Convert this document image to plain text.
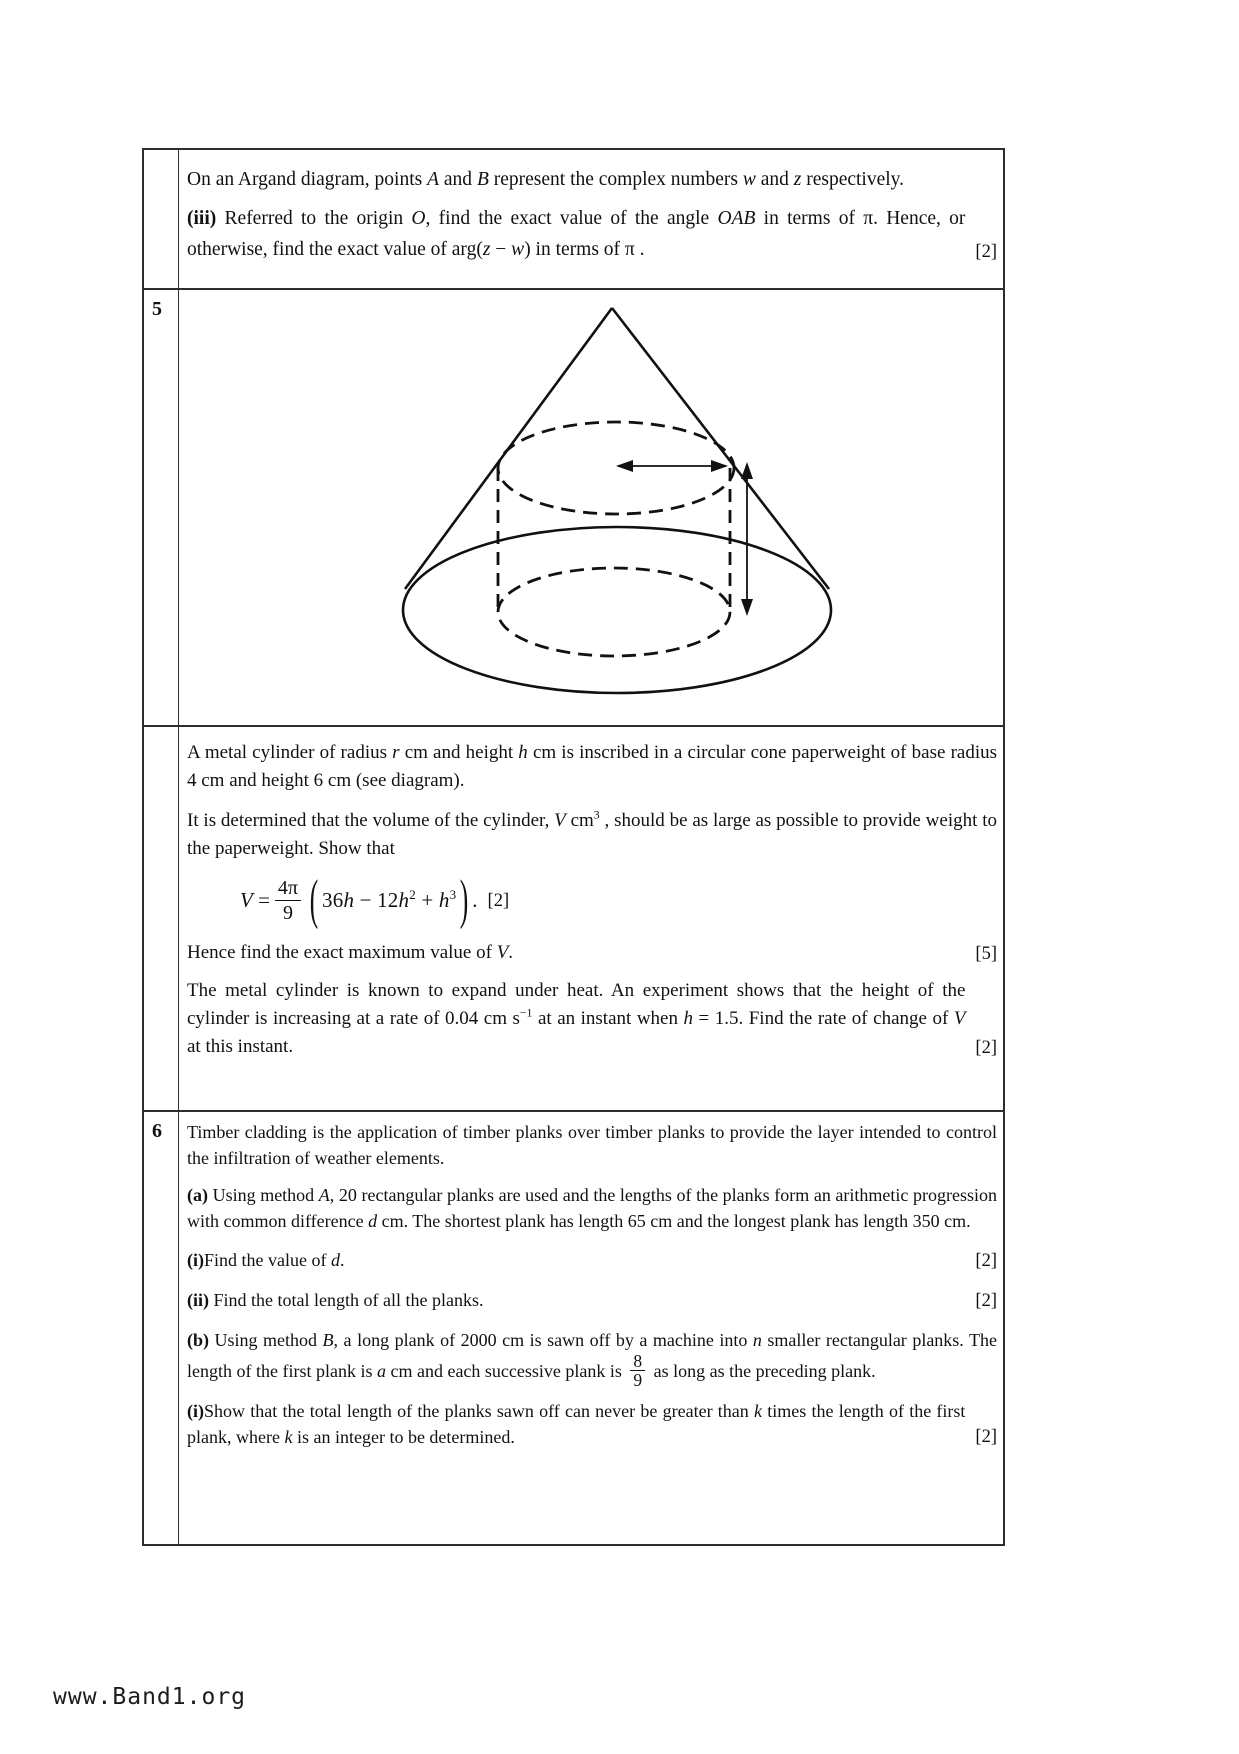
On an Argand diagram, points A and B represent the complex numbers w and z respectively.

(iii) Referred to the origin O, find the exact value of the angle OAB in terms of π. Hence, or otherwise, find the exact value of arg(z − w) in terms of π .	[2]
5

A metal cylinder of radius r cm and height h cm is inscribed in a circular cone paperweight of base radius 4 cm and height 6 cm (see diagram).

It is determined that the volume of the cylinder, V $cm^3$ , should be as large as possible to provide weight to the paperweight. Show that

$V = \frac{4\pi}{9}$ ( $36h - 12h^2 + h^3$ ) . [2]

Hence find the exact maximum value of V.	[5]

The metal cylinder is known to expand under heat. An experiment shows that the height of the cylinder is increasing at a rate of 0.04 cm $s^{-1}$ at an instant when h = 1.5. Find the rate of change of V at this instant.	[2]
6	Timber cladding is the application of timber planks over timber planks to provide the layer intended to control the infiltration of weather elements.

(a) Using method A, 20 rectangular planks are used and the lengths of the planks form an arithmetic progression with common difference d cm. The shortest plank has length 65 cm and the longest plank has length 350 cm.

(i)Find the value of d.	[2]

(ii) Find the total length of all the planks.	[2]

(b) Using method B, a long plank of 2000 cm is sawn off by a machine into n smaller rectangular planks. The length of the first plank is a cm and each successive plank is $\frac{8}{9}$ as long as the preceding plank.

(i)Show that the total length of the planks sawn off can never be greater than k times the length of the first plank, where k is an integer to be determined.	[2]
www.Band1.org
